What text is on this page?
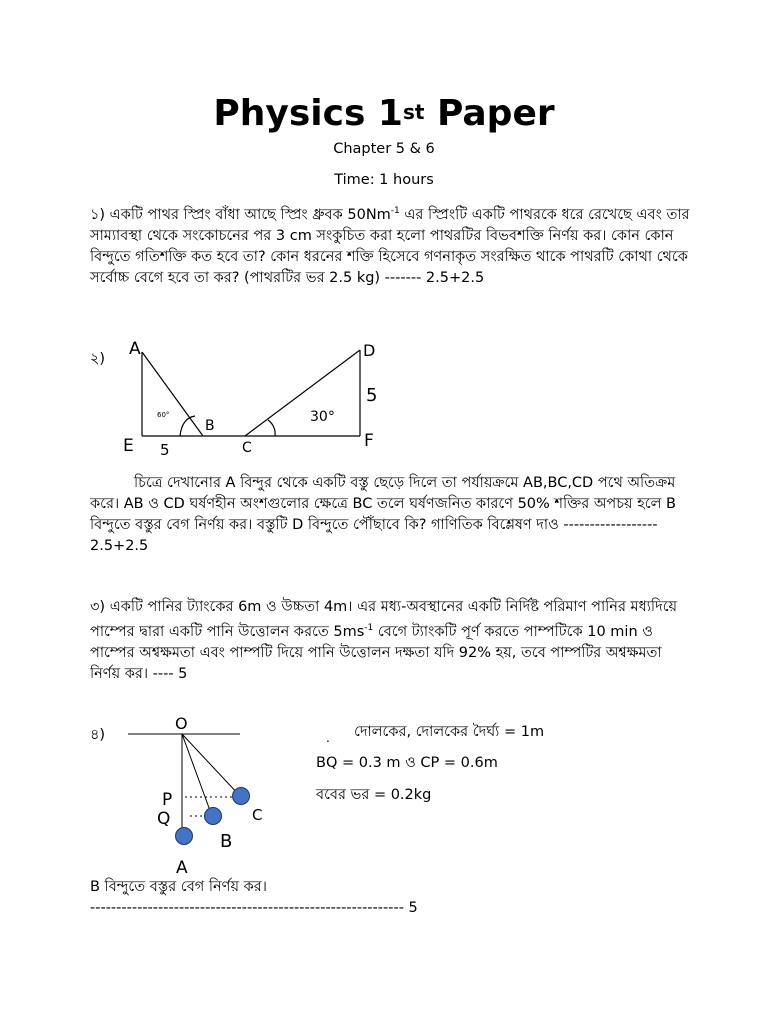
Physics 1st Paper
Chapter 5 & 6
Time: 1 hours
১) একটি পাথর স্প্রিং বাঁধা আছে স্প্রিং ধ্রুবক $50Nm^{-1}$ এর স্প্রিংটি একটি পাথরকে ধরে রেখেছে এবং তার সাম্যাবস্থা থেকে সংকোচনের পর 3 cm সংকুচিত করা হলো পাথরটির বিভবশক্তি নির্ণয় কর। কোন কোন বিন্দুতে গতিশক্তি কত হবে তা? কোন ধরনের শক্তি হিসেবে গণনাকৃত সংরক্ষিত থাকে পাথরটি কোথা থেকে সর্বোচ্চ বেগে হবে তা কর? (পাথরটির ভর 2.5 kg) ------- 2.5+2.5
২) A
E 5
B
60°
D
5
F
C
30°
চিত্রে দেখানোর A বিন্দুর থেকে একটি বস্তু ছেড়ে দিলে তা পর্যায়ক্রমে AB,BC,CD পথে অতিক্রম করে। AB ও CD ঘর্ষণহীন অংশগুলোর ক্ষেত্রে BC তলে ঘর্ষণজনিত কারণে 50% শক্তির অপচয় হলে B বিন্দুতে বস্তুর বেগ নির্ণয় কর। বস্তুটি D বিন্দুতে পৌঁছাবে কি? গাণিতিক বিশ্লেষণ দাও ------------------ 2.5+2.5
৩) একটি পানির ট্যাংকের 6m ও উচ্চতা 4m। এর মধ্য-অবস্থানের একটি নির্দিষ্ট পরিমাণ পানির মধ্যদিয়ে পাম্পের দ্বারা একটি পানি উত্তোলন করতে $5ms^{-1}$ বেগে ট্যাংকটি পূর্ণ করতে পাম্পটিকে 10 min ও পাম্পের অশ্বক্ষমতা এবং পাম্পটি দিয়ে পানি উত্তোলন দক্ষতা যদি 92% হয়, তবে পাম্পটির অশ্বক্ষমতা নির্ণয় কর। ---- 5
৪)
O
P
Q	C
B
A
. দোলকের, দোলকের দৈর্ঘ্য = 1m
BQ = 0.3 m ও CP = 0.6m
ববের ভর = 0.2kg
B বিন্দুতে বস্তুর বেগ নির্ণয় কর।
------------------------------------------------------------ 5
